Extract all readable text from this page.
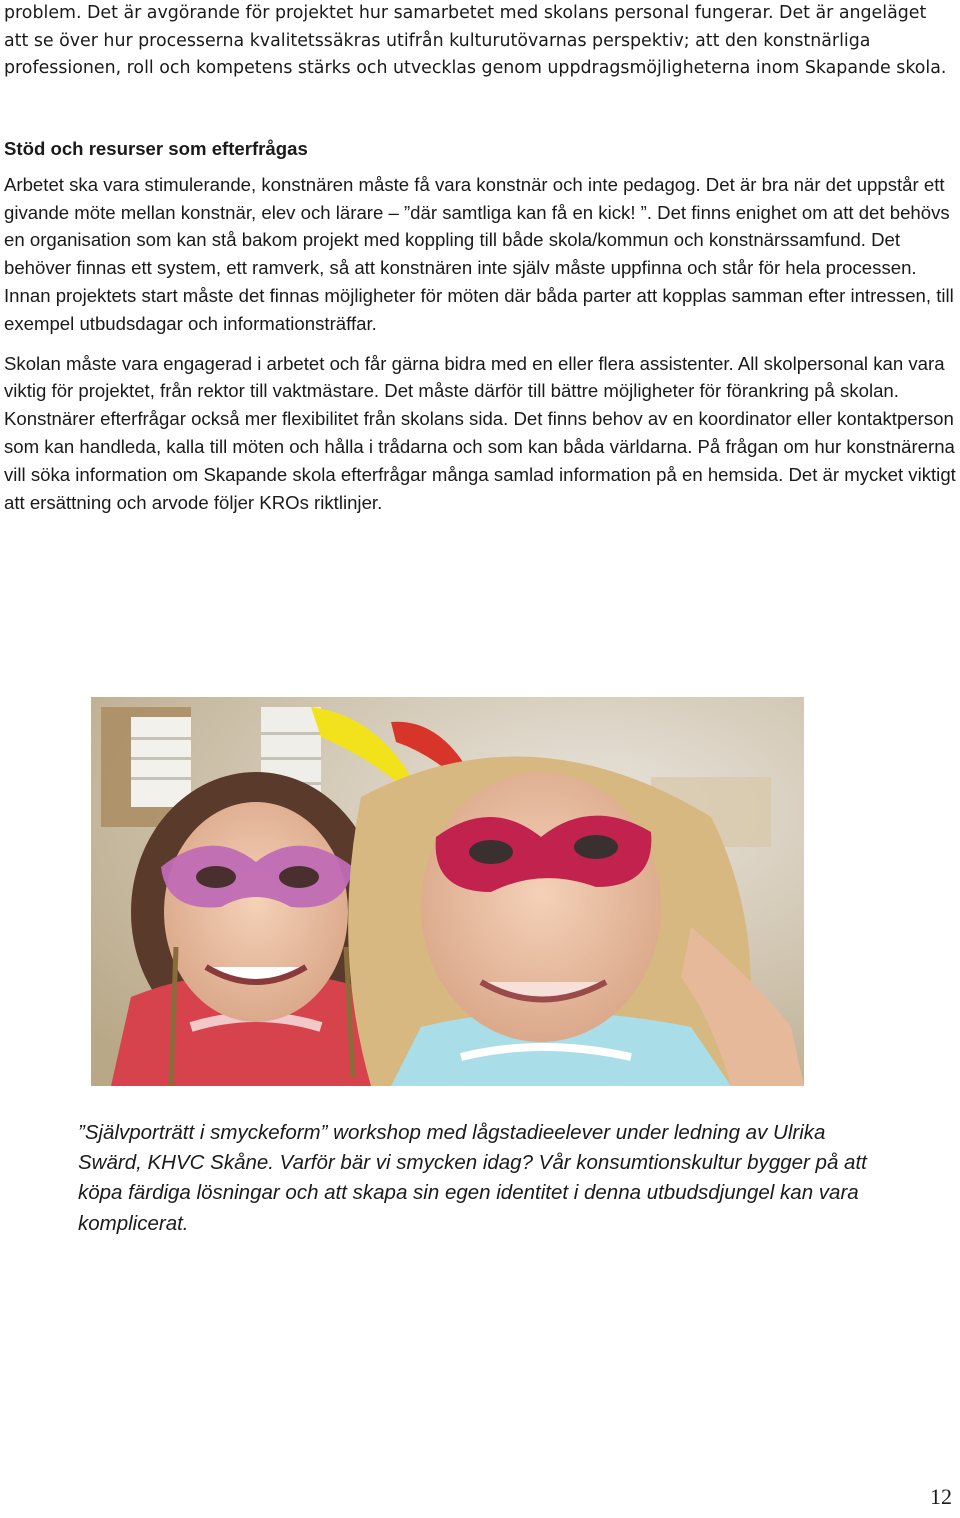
problem. Det är avgörande för projektet hur samarbetet med skolans personal fungerar. Det är angeläget att se över hur processerna kvalitetssäkras utifrån kulturutövarnas perspektiv; att den konstnärliga professionen, roll och kompetens stärks och utvecklas genom uppdragsmöjligheterna inom Skapande skola.

Stöd och resurser som efterfrågas

Arbetet ska vara stimulerande, konstnären måste få vara konstnär och inte pedagog. Det är bra när det uppstår ett givande möte mellan konstnär, elev och lärare – ”där samtliga kan få en kick! ”. Det finns enighet om att det behövs en organisation som kan stå bakom projekt med koppling till både skola/kommun och konstnärssamfund. Det behöver finnas ett system, ett ramverk, så att konstnären inte själv måste uppfinna och står för hela processen. Innan projektets start måste det finnas möjligheter för möten där båda parter att kopplas samman efter intressen, till exempel utbudsdagar och informationsträffar.

Skolan måste vara engagerad i arbetet och får gärna bidra med en eller flera assistenter. All skolpersonal kan vara viktig för projektet, från rektor till vaktmästare. Det måste därför till bättre möjligheter för förankring på skolan. Konstnärer efterfrågar också mer flexibilitet från skolans sida. Det finns behov av en koordinator eller kontaktperson som kan handleda, kalla till möten och hålla i trådarna och som kan båda världarna. På frågan om hur konstnärerna vill söka information om Skapande skola efterfrågar många samlad information på en hemsida. Det är mycket viktigt att ersättning och arvode följer KROs riktlinjer.

”Självporträtt i smyckeform” workshop med lågstadieelever under ledning av Ulrika Swärd, KHVC Skåne. Varför bär vi smycken idag? Vår konsumtionskultur bygger på att köpa färdiga lösningar och att skapa sin egen identitet i denna utbudsdjungel kan vara komplicerat.

12
